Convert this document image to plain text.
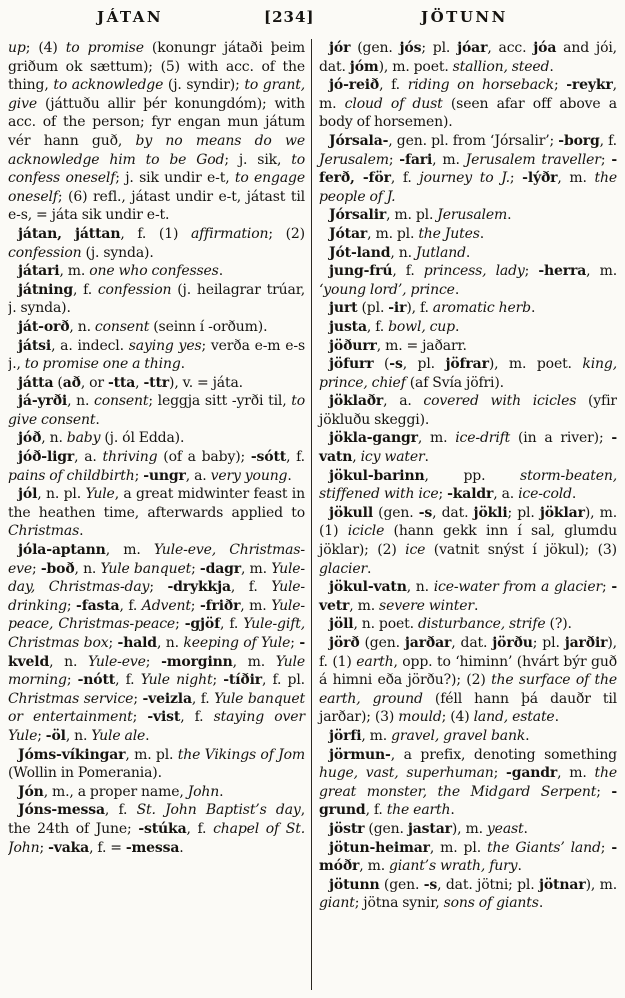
JÁTAN	[234]	JÖTUNN

up; (4) to promise (konungr játaði þeim griðum ok sættum); (5) with acc. of the thing, to acknowledge (j. syndir); to grant, give (játtuðu allir þér konungdóm); with acc. of the person; fyr engan mun játum vér hann guð, by no means do we acknowledge him to be God; j. sik, to confess oneself; j. sik undir e-t, to engage oneself; (6) refl., játast undir e-t, játast til e-s, = játa sik undir e-t.

játan, játtan, f. (1) affirmation; (2) confession (j. synda).

játari, m. one who confesses.

játning, f. confession (j. heilagrar trúar, j. synda).

ját-orð, n. consent (seinn í -orðum).

játsi, a. indecl. saying yes; verða e-m e-s j., to promise one a thing.

játta (að, or -tta, -ttr), v. = játa.

já-yrði, n. consent; leggja sitt -yrði til, to give consent.

jóð, n. baby (j. ól Edda).

jóð-ligr, a. thriving (of a baby); -sótt, f. pains of childbirth; -ungr, a. very young.

jól, n. pl. Yule, a great midwinter feast in the heathen time, afterwards applied to Christmas.

jóla-aptann, m. Yule-eve, Christmas-eve; -boð, n. Yule banquet; -dagr, m. Yule-day, Christmas-day; -drykkja, f. Yule-drinking; -fasta, f. Advent; -friðr, m. Yule-peace, Christmas-peace; -gjöf, f. Yule-gift, Christmas box; -hald, n. keeping of Yule; -kveld, n. Yule-eve; -morginn, m. Yule morning; -nótt, f. Yule night; -tíðir, f. pl. Christmas service; -veizla, f. Yule banquet or entertainment; -vist, f. staying over Yule; -öl, n. Yule ale.

Jóms-víkingar, m. pl. the Vikings of Jom (Wollin in Pomerania).

Jón, m., a proper name, John.

Jóns-messa, f. St. John Baptist’s day, the 24th of June; -stúka, f. chapel of St. John; -vaka, f. = -messa.

jór (gen. jós; pl. jóar, acc. jóa and jói, dat. jóm), m. poet. stallion, steed.

jó-reið, f. riding on horseback; -reykr, m. cloud of dust (seen afar off above a body of horsemen).

Jórsala-, gen. pl. from ‘Jórsalir’; -borg, f. Jerusalem; -fari, m. Jerusalem traveller; -ferð, -för, f. journey to J.; -lýðr, m. the people of J.

Jórsalir, m. pl. Jerusalem.

Jótar, m. pl. the Jutes.

Jót-land, n. Jutland.

jung-frú, f. princess, lady; -herra, m. ‘young lord’, prince.

jurt (pl. -ir), f. aromatic herb.

justa, f. bowl, cup.

jöðurr, m. = jaðarr.

jöfurr (-s, pl. jöfrar), m. poet. king, prince, chief (af Svía jöfri).

jöklaðr, a. covered with icicles (yfir jökluðu skeggi).

jökla-gangr, m. ice-drift (in a river); -vatn, icy water.

jökul-barinn, pp. storm-beaten, stiffened with ice; -kaldr, a. ice-cold.

jökull (gen. -s, dat. jökli; pl. jöklar), m. (1) icicle (hann gekk inn í sal, glumdu jöklar); (2) ice (vatnit snýst í jökul); (3) glacier.

jökul-vatn, n. ice-water from a glacier; -vetr, m. severe winter.

jöll, n. poet. disturbance, strife (?).

jörð (gen. jarðar, dat. jörðu; pl. jarðir), f. (1) earth, opp. to ‘himinn’ (hvárt býr guð á himni eða jörðu?); (2) the surface of the earth, ground (féll hann þá dauðr til jarðar); (3) mould; (4) land, estate.

jörfi, m. gravel, gravel bank.

jörmun-, a prefix, denoting something huge, vast, superhuman; -gandr, m. the great monster, the Midgard Serpent; -grund, f. the earth.

jöstr (gen. jastar), m. yeast.

jötun-heimar, m. pl. the Giants’ land; -móðr, m. giant’s wrath, fury.

jötunn (gen. -s, dat. jötni; pl. jötnar), m. giant; jötna synir, sons of giants.
